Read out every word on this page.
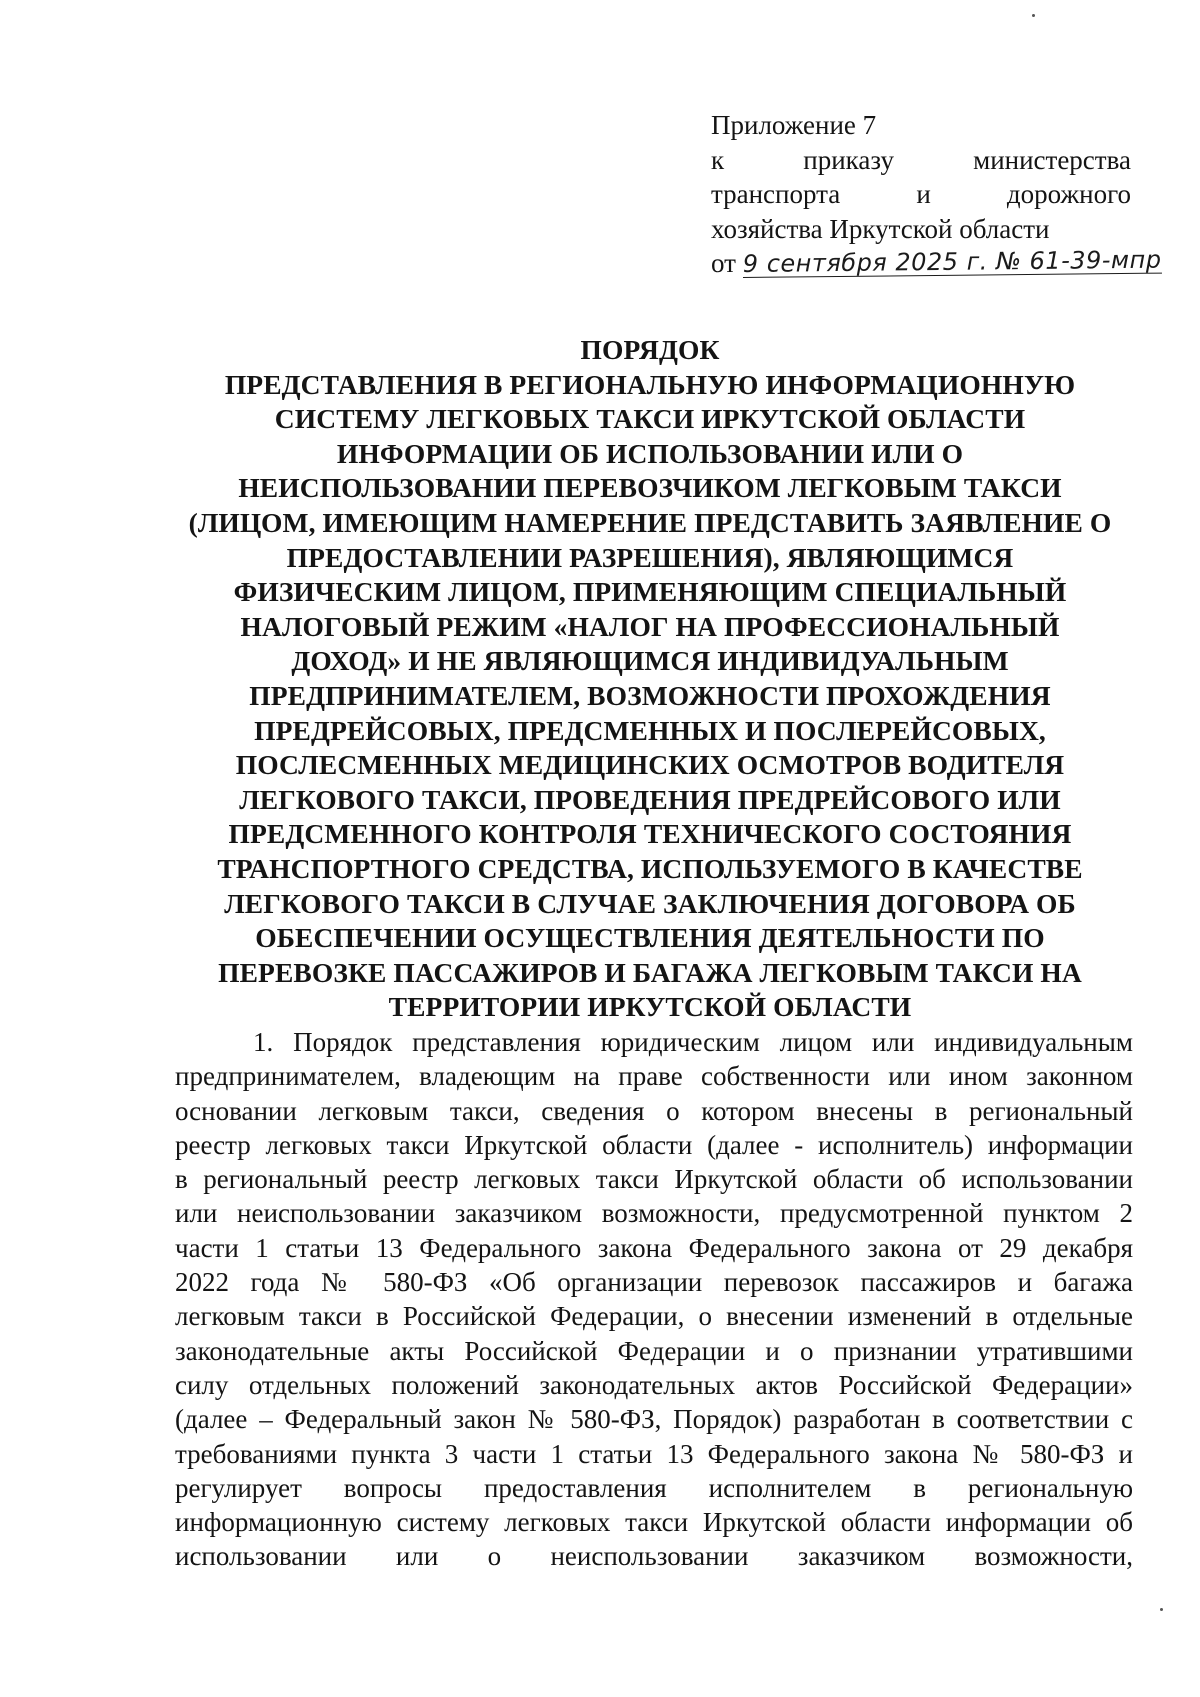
Приложение 7
к	приказу	министерства
транспорта	и	дорожного
хозяйства Иркутской области
от 9 сентября 2025 г. № 61-39-мпр
ПОРЯДОК
ПРЕДСТАВЛЕНИЯ В РЕГИОНАЛЬНУЮ ИНФОРМАЦИОННУЮ
СИСТЕМУ ЛЕГКОВЫХ ТАКСИ ИРКУТСКОЙ ОБЛАСТИ
ИНФОРМАЦИИ ОБ ИСПОЛЬЗОВАНИИ ИЛИ О
НЕИСПОЛЬЗОВАНИИ ПЕРЕВОЗЧИКОМ ЛЕГКОВЫМ ТАКСИ
(ЛИЦОМ, ИМЕЮЩИМ НАМЕРЕНИЕ ПРЕДСТАВИТЬ ЗАЯВЛЕНИЕ О
ПРЕДОСТАВЛЕНИИ РАЗРЕШЕНИЯ), ЯВЛЯЮЩИМСЯ
ФИЗИЧЕСКИМ ЛИЦОМ, ПРИМЕНЯЮЩИМ СПЕЦИАЛЬНЫЙ
НАЛОГОВЫЙ РЕЖИМ «НАЛОГ НА ПРОФЕССИОНАЛЬНЫЙ
ДОХОД» И НЕ ЯВЛЯЮЩИМСЯ ИНДИВИДУАЛЬНЫМ
ПРЕДПРИНИМАТЕЛЕМ, ВОЗМОЖНОСТИ ПРОХОЖДЕНИЯ
ПРЕДРЕЙСОВЫХ, ПРЕДСМЕННЫХ И ПОСЛЕРЕЙСОВЫХ,
ПОСЛЕСМЕННЫХ МЕДИЦИНСКИХ ОСМОТРОВ ВОДИТЕЛЯ
ЛЕГКОВОГО ТАКСИ, ПРОВЕДЕНИЯ ПРЕДРЕЙСОВОГО ИЛИ
ПРЕДСМЕННОГО КОНТРОЛЯ ТЕХНИЧЕСКОГО СОСТОЯНИЯ
ТРАНСПОРТНОГО СРЕДСТВА, ИСПОЛЬЗУЕМОГО В КАЧЕСТВЕ
ЛЕГКОВОГО ТАКСИ В СЛУЧАЕ ЗАКЛЮЧЕНИЯ ДОГОВОРА ОБ
ОБЕСПЕЧЕНИИ ОСУЩЕСТВЛЕНИЯ ДЕЯТЕЛЬНОСТИ ПО
ПЕРЕВОЗКЕ ПАССАЖИРОВ И БАГАЖА ЛЕГКОВЫМ ТАКСИ НА
ТЕРРИТОРИИ ИРКУТСКОЙ ОБЛАСТИ
1. Порядок представления юридическим лицом или индивидуальным
предпринимателем, владеющим на праве собственности или ином законном
основании легковым такси, сведения о котором внесены в региональный
реестр легковых такси Иркутской области (далее - исполнитель) информации
в региональный реестр легковых такси Иркутской области об использовании
или неиспользовании заказчиком возможности, предусмотренной пунктом 2
части 1 статьи 13 Федерального закона Федерального закона от 29 декабря
2022 года № 580-ФЗ «Об организации перевозок пассажиров и багажа
легковым такси в Российской Федерации, о внесении изменений в отдельные
законодательные акты Российской Федерации и о признании утратившими
силу отдельных положений законодательных актов Российской Федерации»
(далее – Федеральный закон № 580-ФЗ, Порядок) разработан в соответствии с
требованиями пункта 3 части 1 статьи 13 Федерального закона № 580-ФЗ и
регулирует вопросы предоставления исполнителем в региональную
информационную систему легковых такси Иркутской области информации об
использовании или о неиспользовании заказчиком возможности,
